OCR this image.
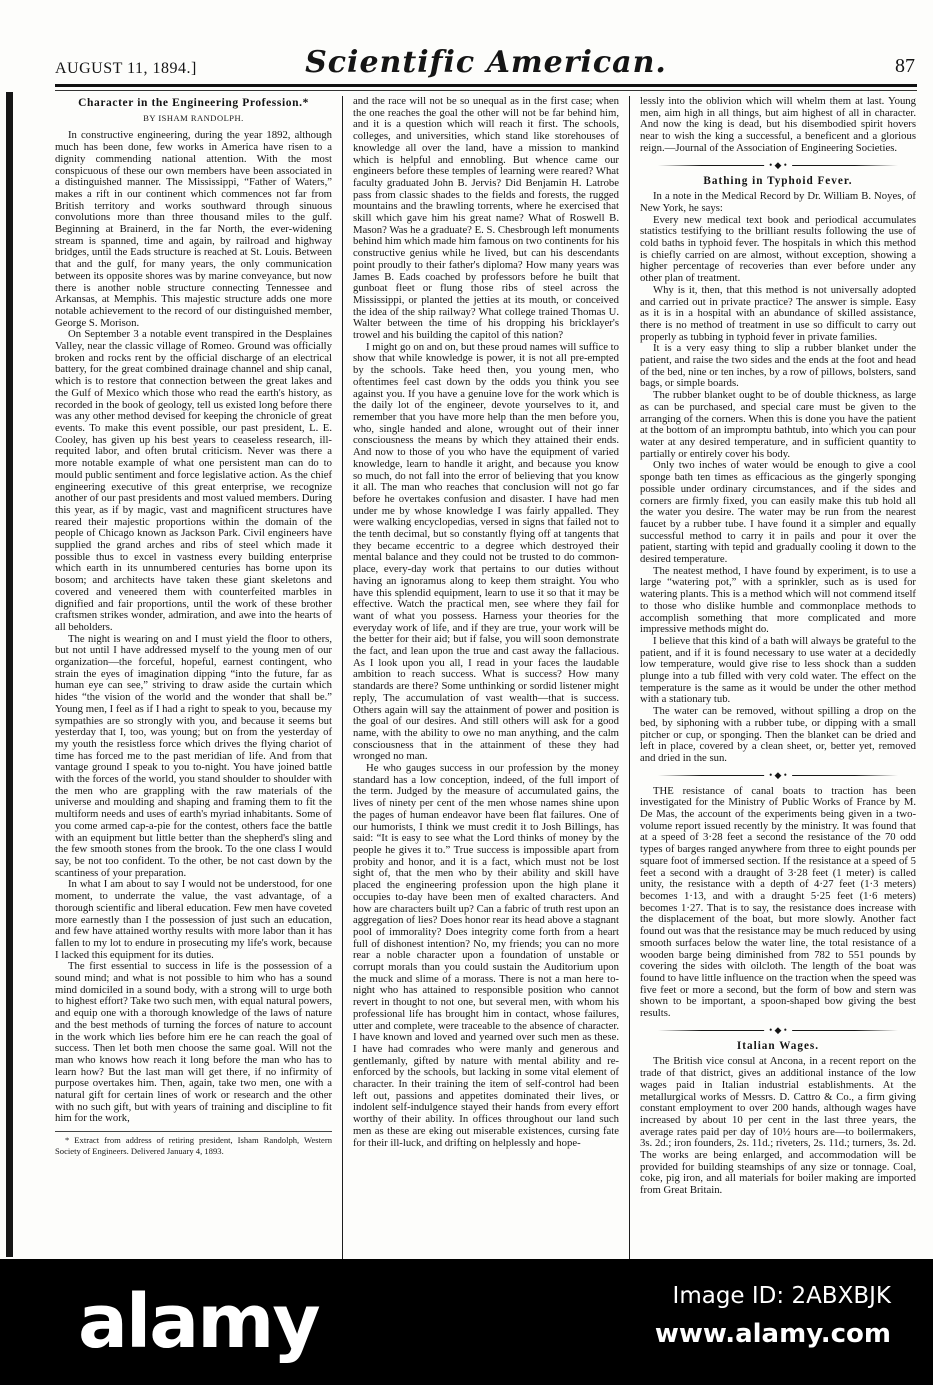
AUGUST 11, 1894.]	Scientific American.	87
Character in the Engineering Profession.*
BY ISHAM RANDOLPH.

In constructive engineering, during the year 1892, although much has been done, few works in America have risen to a dignity commending national attention. With the most conspicuous of these our own members have been associated in a distinguished manner. The Mississippi, “Father of Waters,” makes a rift in our continent which commences not far from British territory and works southward through sinuous convolutions more than three thousand miles to the gulf. Beginning at Brainerd, in the far North, the ever-widening stream is spanned, time and again, by railroad and highway bridges, until the Eads structure is reached at St. Louis. Between that and the gulf, for many years, the only communication between its opposite shores was by marine conveyance, but now there is another noble structure connecting Tennessee and Arkansas, at Memphis. This majestic structure adds one more notable achievement to the record of our distinguished member, George S. Morison.

On September 3 a notable event transpired in the Desplaines Valley, near the classic village of Romeo. Ground was officially broken and rocks rent by the official discharge of an electrical battery, for the great combined drainage channel and ship canal, which is to restore that connection between the great lakes and the Gulf of Mexico which those who read the earth's history, as recorded in the book of geology, tell us existed long before there was any other method devised for keeping the chronicle of great events. To make this event possible, our past president, L. E. Cooley, has given up his best years to ceaseless research, ill-requited labor, and often brutal criticism. Never was there a more notable example of what one persistent man can do to mould public sentiment and force legislative action. As the chief engineering executive of this great enterprise, we recognize another of our past presidents and most valued members. During this year, as if by magic, vast and magnificent structures have reared their majestic proportions within the domain of the people of Chicago known as Jackson Park. Civil engineers have supplied the grand arches and ribs of steel which made it possible thus to excel in vastness every building enterprise which earth in its unnumbered centuries has borne upon its bosom; and architects have taken these giant skeletons and covered and veneered them with counterfeited marbles in dignified and fair proportions, until the work of these brother craftsmen strikes wonder, admiration, and awe into the hearts of all beholders.

The night is wearing on and I must yield the floor to others, but not until I have addressed myself to the young men of our organization—the forceful, hopeful, earnest contingent, who strain the eyes of imagination dipping “into the future, far as human eye can see,” striving to draw aside the curtain which hides “the vision of the world and the wonder that shall be.” Young men, I feel as if I had a right to speak to you, because my sympathies are so strongly with you, and because it seems but yesterday that I, too, was young; but on from the yesterday of my youth the resistless force which drives the flying chariot of time has forced me to the past meridian of life. And from that vantage ground I speak to you to-night. You have joined battle with the forces of the world, you stand shoulder to shoulder with the men who are grappling with the raw materials of the universe and moulding and shaping and framing them to fit the multiform needs and uses of earth's myriad inhabitants. Some of you come armed cap-a-pie for the contest, others face the battle with an equipment but little better than the shepherd's sling and the few smooth stones from the brook. To the one class I would say, be not too confident. To the other, be not cast down by the scantiness of your preparation.

In what I am about to say I would not be understood, for one moment, to underrate the value, the vast advantage, of a thorough scientific and liberal education. Few men have coveted more earnestly than I the possession of just such an education, and few have attained worthy results with more labor than it has fallen to my lot to endure in prosecuting my life's work, because I lacked this equipment for its duties.

The first essential to success in life is the possession of a sound mind; and what is not possible to him who has a sound mind domiciled in a sound body, with a strong will to urge both to highest effort? Take two such men, with equal natural powers, and equip one with a thorough knowledge of the laws of nature and the best methods of turning the forces of nature to account in the work which lies before him ere he can reach the goal of success. Then let both men choose the same goal. Will not the man who knows how reach it long before the man who has to learn how? But the last man will get there, if no infirmity of purpose overtakes him. Then, again, take two men, one with a natural gift for certain lines of work or research and the other with no such gift, but with years of training and discipline to fit him for the work,

* Extract from address of retiring president, Isham Randolph, Western Society of Engineers. Delivered January 4, 1893.

and the race will not be so unequal as in the first case; when the one reaches the goal the other will not be far behind him, and it is a question which will reach it first. The schools, colleges, and universities, which stand like storehouses of knowledge all over the land, have a mission to mankind which is helpful and ennobling. But whence came our engineers before these temples of learning were reared? What faculty graduated John B. Jervis? Did Benjamin H. Latrobe pass from classic shades to the fields and forests, the rugged mountains and the brawling torrents, where he exercised that skill which gave him his great name? What of Roswell B. Mason? Was he a graduate? E. S. Chesbrough left monuments behind him which made him famous on two continents for his constructive genius while he lived, but can his descendants point proudly to their father's diploma? How many years was James B. Eads coached by professors before he built that gunboat fleet or flung those ribs of steel across the Mississippi, or planted the jetties at its mouth, or conceived the idea of the ship railway? What college trained Thomas U. Walter between the time of his dropping his bricklayer's trowel and his building the capitol of this nation?

I might go on and on, but these proud names will suffice to show that while knowledge is power, it is not all pre-empted by the schools. Take heed then, you young men, who oftentimes feel cast down by the odds you think you see against you. If you have a genuine love for the work which is the daily lot of the engineer, devote yourselves to it, and remember that you have more help than the men before you, who, single handed and alone, wrought out of their inner consciousness the means by which they attained their ends. And now to those of you who have the equipment of varied knowledge, learn to handle it aright, and because you know so much, do not fall into the error of believing that you know it all. The man who reaches that conclusion will not go far before he overtakes confusion and disaster. I have had men under me by whose knowledge I was fairly appalled. They were walking encyclopedias, versed in signs that failed not to the tenth decimal, but so constantly flying off at tangents that they became eccentric to a degree which destroyed their mental balance and they could not be trusted to do common-place, every-day work that pertains to our duties without having an ignoramus along to keep them straight. You who have this splendid equipment, learn to use it so that it may be effective. Watch the practical men, see where they fail for want of what you possess. Harness your theories for the everyday work of life, and if they are true, your work will be the better for their aid; but if false, you will soon demonstrate the fact, and lean upon the true and cast away the fallacious. As I look upon you all, I read in your faces the laudable ambition to reach success. What is success? How many standards are there? Some unthinking or sordid listener might reply, The accumulation of vast wealth—that is success. Others again will say the attainment of power and position is the goal of our desires. And still others will ask for a good name, with the ability to owe no man anything, and the calm consciousness that in the attainment of these they had wronged no man.

He who gauges success in our profession by the money standard has a low conception, indeed, of the full import of the term. Judged by the measure of accumulated gains, the lives of ninety per cent of the men whose names shine upon the pages of human endeavor have been flat failures. One of our humorists, I think we must credit it to Josh Billings, has said: “It is easy to see what the Lord thinks of money by the people he gives it to.” True success is impossible apart from probity and honor, and it is a fact, which must not be lost sight of, that the men who by their ability and skill have placed the engineering profession upon the high plane it occupies to-day have been men of exalted characters. And how are characters built up? Can a fabric of truth rest upon an aggregation of lies? Does honor rear its head above a stagnant pool of immorality? Does integrity come forth from a heart full of dishonest intention? No, my friends; you can no more rear a noble character upon a foundation of unstable or corrupt morals than you could sustain the Auditorium upon the muck and slime of a morass. There is not a man here to-night who has attained to responsible position who cannot revert in thought to not one, but several men, with whom his professional life has brought him in contact, whose failures, utter and complete, were traceable to the absence of character. I have known and loved and yearned over such men as these. I have had comrades who were manly and generous and gentlemanly, gifted by nature with mental ability and re-enforced by the schools, but lacking in some vital element of character. In their training the item of self-control had been left out, passions and appetites dominated their lives, or indolent self-indulgence stayed their hands from every effort worthy of their ability. In offices throughout our land such men as these are eking out miserable existences, cursing fate for their ill-luck, and drifting on helplessly and hope-

lessly into the oblivion which will whelm them at last. Young men, aim high in all things, but aim highest of all in character. And now the king is dead, but his disembodied spirit hovers near to wish the king a successful, a beneficent and a glorious reign.—Journal of the Association of Engineering Societies.

• ◆ •
Bathing in Typhoid Fever.

In a note in the Medical Record by Dr. William B. Noyes, of New York, he says:

Every new medical text book and periodical accumulates statistics testifying to the brilliant results following the use of cold baths in typhoid fever. The hospitals in which this method is chiefly carried on are almost, without exception, showing a higher percentage of recoveries than ever before under any other plan of treatment.

Why is it, then, that this method is not universally adopted and carried out in private practice? The answer is simple. Easy as it is in a hospital with an abundance of skilled assistance, there is no method of treatment in use so difficult to carry out properly as tubbing in typhoid fever in private families.

It is a very easy thing to slip a rubber blanket under the patient, and raise the two sides and the ends at the foot and head of the bed, nine or ten inches, by a row of pillows, bolsters, sand bags, or simple boards.

The rubber blanket ought to be of double thickness, as large as can be purchased, and special care must be given to the arranging of the corners. When this is done you have the patient at the bottom of an impromptu bathtub, into which you can pour water at any desired temperature, and in sufficient quantity to partially or entirely cover his body.

Only two inches of water would be enough to give a cool sponge bath ten times as efficacious as the gingerly sponging possible under ordinary circumstances, and if the sides and corners are firmly fixed, you can easily make this tub hold all the water you desire. The water may be run from the nearest faucet by a rubber tube. I have found it a simpler and equally successful method to carry it in pails and pour it over the patient, starting with tepid and gradually cooling it down to the desired temperature.

The neatest method, I have found by experiment, is to use a large “watering pot,” with a sprinkler, such as is used for watering plants. This is a method which will not commend itself to those who dislike humble and commonplace methods to accomplish something that more complicated and more impressive methods might do.

I believe that this kind of a bath will always be grateful to the patient, and if it is found necessary to use water at a decidedly low temperature, would give rise to less shock than a sudden plunge into a tub filled with very cold water. The effect on the temperature is the same as it would be under the other method with a stationary tub.

The water can be removed, without spilling a drop on the bed, by siphoning with a rubber tube, or dipping with a small pitcher or cup, or sponging. Then the blanket can be dried and left in place, covered by a clean sheet, or, better yet, removed and dried in the sun.

• ◆ •

THE resistance of canal boats to traction has been investigated for the Ministry of Public Works of France by M. De Mas, the account of the experiments being given in a two-volume report issued recently by the ministry. It was found that at a speed of 3·28 feet a second the resistance of the 70 odd types of barges ranged anywhere from three to eight pounds per square foot of immersed section. If the resistance at a speed of 5 feet a second with a draught of 3·28 feet (1 meter) is called unity, the resistance with a depth of 4·27 feet (1·3 meters) becomes 1·13, and with a draught 5·25 feet (1·6 meters) becomes 1·27. That is to say, the resistance does increase with the displacement of the boat, but more slowly. Another fact found out was that the resistance may be much reduced by using smooth surfaces below the water line, the total resistance of a wooden barge being diminished from 782 to 551 pounds by covering the sides with oilcloth. The length of the boat was found to have little influence on the traction when the speed was five feet or more a second, but the form of bow and stern was shown to be important, a spoon-shaped bow giving the best results.

• ◆ •
Italian Wages.

The British vice consul at Ancona, in a recent report on the trade of that district, gives an additional instance of the low wages paid in Italian industrial establishments. At the metallurgical works of Messrs. D. Cattro & Co., a firm giving constant employment to over 200 hands, although wages have increased by about 10 per cent in the last three years, the average rates paid per day of 10½ hours are—to boilermakers, 3s. 2d.; iron founders, 2s. 11d.; riveters, 2s. 11d.; turners, 3s. 2d. The works are being enlarged, and accommodation will be provided for building steamships of any size or tonnage. Coal, coke, pig iron, and all materials for boiler making are imported from Great Britain.

alamy	Image ID: 2ABXBJK
www.alamy.com
